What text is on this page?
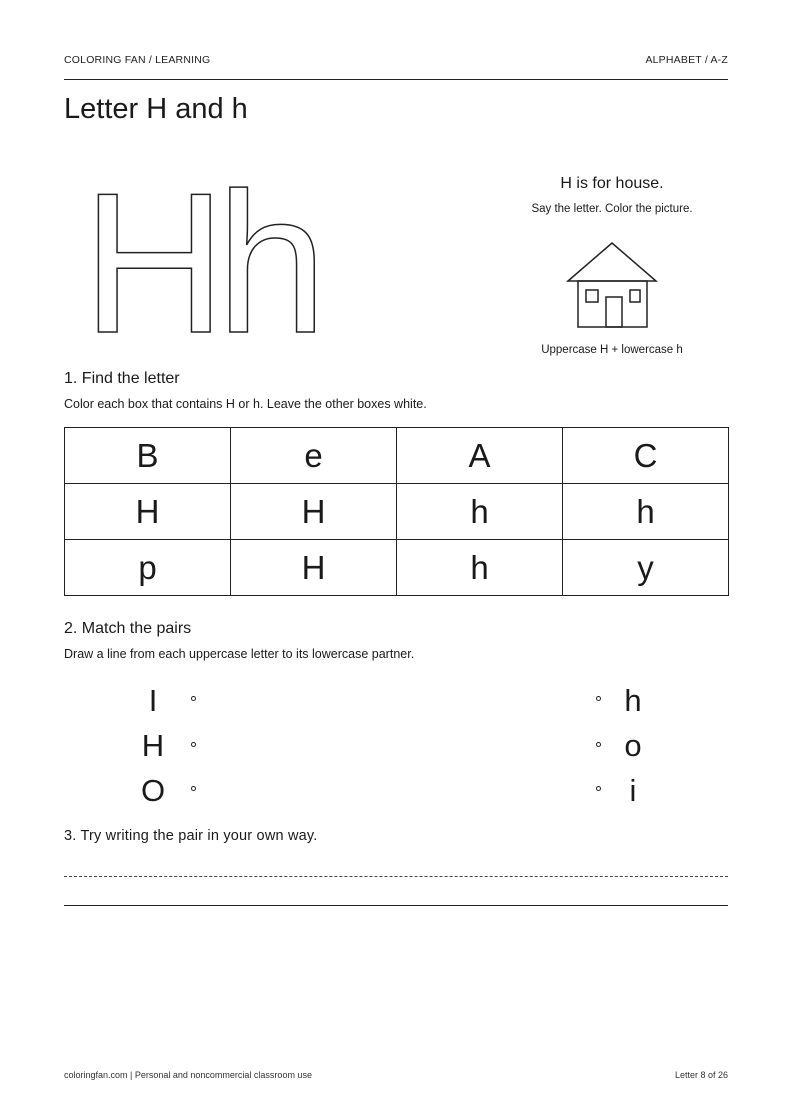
COLORING FAN / LEARNING	ALPHABET / A-Z
Letter H and h
H
h	H is for house.
Say the letter. Color the picture.
Uppercase H + lowercase h
1. Find the letter
Color each box that contains H or h. Leave the other boxes white.
B	e	A	C
H	H	h	h
p	H	h	y
2. Match the pairs
Draw a line from each uppercase letter to its lowercase partner.
I
H
O
h
o
i
3. Try writing the pair in your own way.
coloringfan.com | Personal and noncommercial classroom use	Letter 8 of 26
